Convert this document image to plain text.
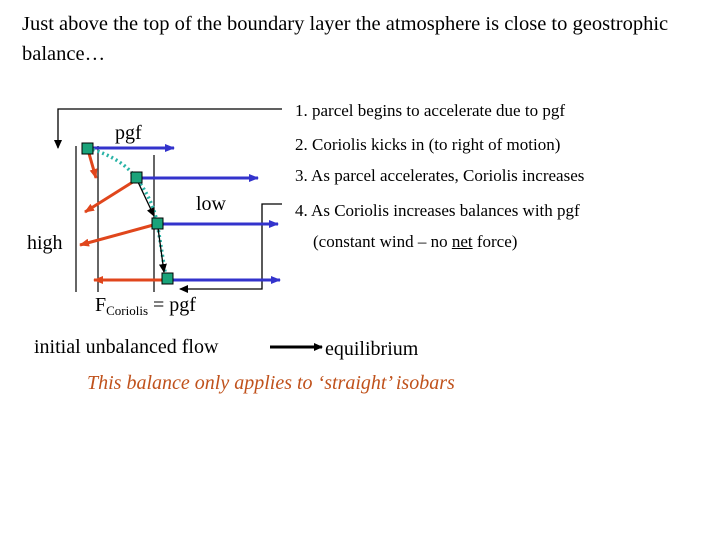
Just above the top of the boundary layer the atmosphere is close to geostrophic balance…
pgf
low
high
$F_{Coriolis}$ = pgf
initial unbalanced flow	equilibrium
1. parcel begins to accelerate due to pgf
2. Coriolis kicks in (to right of motion)
3. As parcel accelerates, Coriolis increases
4. As Coriolis increases balances with pgf
(constant wind – no net force)
This balance only applies to ‘straight’ isobars
